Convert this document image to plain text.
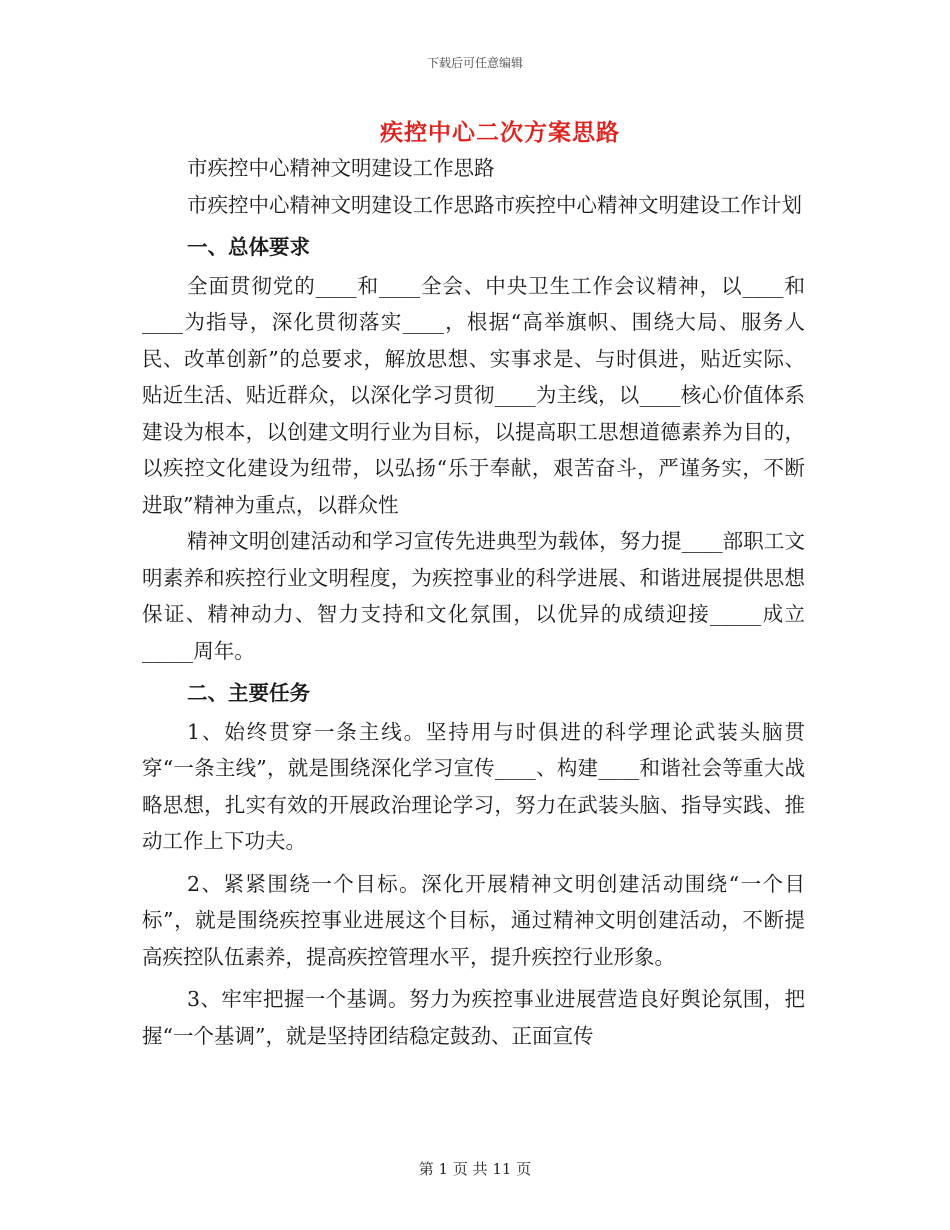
下载后可任意编辑
疾控中心二次方案思路

市疾控中心精神文明建设工作思路

市疾控中心精神文明建设工作思路市疾控中心精神文明建设工作计划

一、总体要求

全面贯彻党的____和____全会、中央卫生工作会议精神，以____和____为指导，深化贯彻落实____，根据“高举旗帜、围绕大局、服务人民、改革创新”的总要求，解放思想、实事求是、与时俱进，贴近实际、贴近生活、贴近群众，以深化学习贯彻____为主线，以____核心价值体系建设为根本，以创建文明行业为目标，以提高职工思想道德素养为目的，以疾控文化建设为纽带，以弘扬“乐于奉献，艰苦奋斗，严谨务实，不断进取”精神为重点，以群众性

精神文明创建活动和学习宣传先进典型为载体，努力提____部职工文明素养和疾控行业文明程度，为疾控事业的科学进展、和谐进展提供思想保证、精神动力、智力支持和文化氛围，以优异的成绩迎接_____成立_____周年。

二、主要任务

1、始终贯穿一条主线。坚持用与时俱进的科学理论武装头脑贯穿“一条主线”，就是围绕深化学习宣传____、构建____和谐社会等重大战略思想，扎实有效的开展政治理论学习，努力在武装头脑、指导实践、推动工作上下功夫。

2、紧紧围绕一个目标。深化开展精神文明创建活动围绕“一个目标”，就是围绕疾控事业进展这个目标，通过精神文明创建活动，不断提高疾控队伍素养，提高疾控管理水平，提升疾控行业形象。

3、牢牢把握一个基调。努力为疾控事业进展营造良好舆论氛围，把握“一个基调”，就是坚持团结稳定鼓劲、正面宣传

第 1 页 共 11 页
